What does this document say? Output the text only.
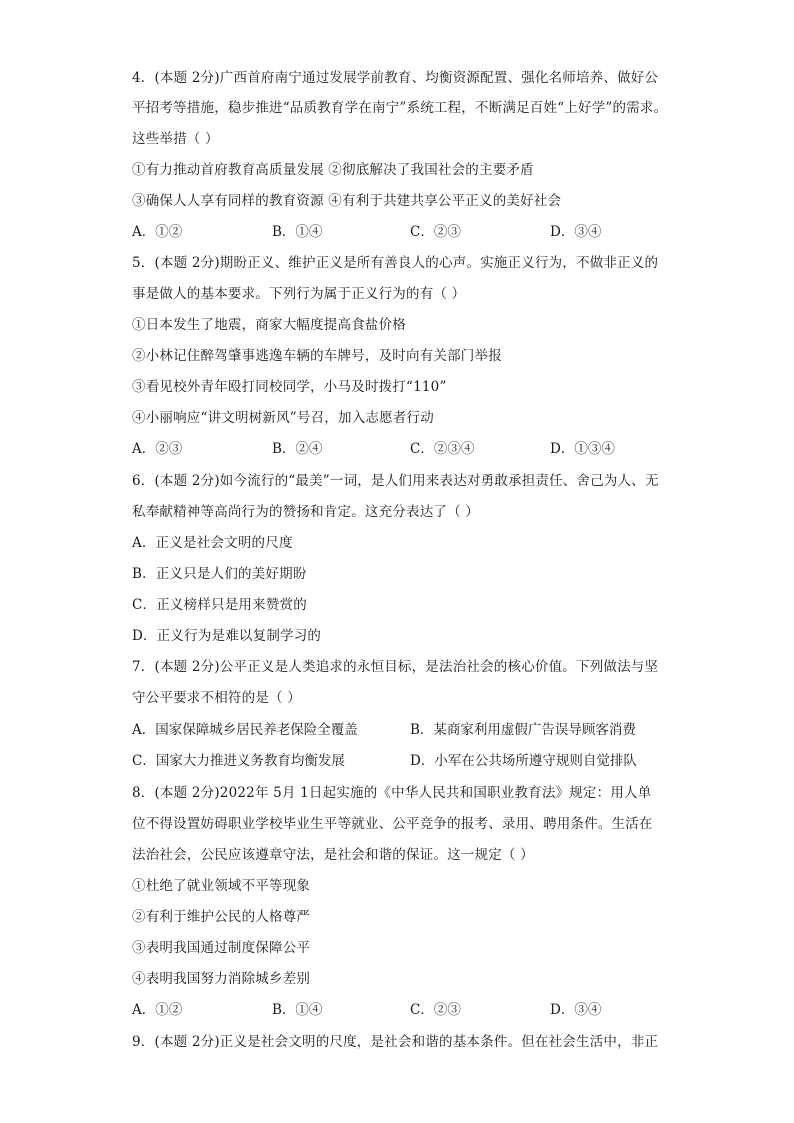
4．(本题 2分)广西首府南宁通过发展学前教育、均衡资源配置、强化名师培养、做好公
平招考等措施，稳步推进“品质教育学在南宁”系统工程，不断满足百姓“上好学”的需求。
这些举措（ ）
①有力推动首府教育高质量发展 ②彻底解决了我国社会的主要矛盾
③确保人人享有同样的教育资源 ④有利于共建共享公平正义的美好社会
A．①②	B．①④	C．②③	D．③④
5．(本题 2分)期盼正义、维护正义是所有善良人的心声。实施正义行为，不做非正义的
事是做人的基本要求。下列行为属于正义行为的有（ ）
①日本发生了地震，商家大幅度提高食盐价格
②小林记住醉驾肇事逃逸车辆的车牌号，及时向有关部门举报
③看见校外青年殴打同校同学，小马及时拨打“110”
④小丽响应“讲文明树新风”号召，加入志愿者行动
A．②③	B．②④	C．②③④	D．①③④
6．(本题 2分)如今流行的“最美”一词，是人们用来表达对勇敢承担责任、舍己为人、无
私奉献精神等高尚行为的赞扬和肯定。这充分表达了（ ）
A．正义是社会文明的尺度
B．正义只是人们的美好期盼
C．正义榜样只是用来赞赏的
D．正义行为是难以复制学习的
7．(本题 2分)公平正义是人类追求的永恒目标，是法治社会的核心价值。下列做法与坚
守公平要求不相符的是（ ）
A．国家保障城乡居民养老保险全覆盖	B．某商家利用虚假广告误导顾客消费
C．国家大力推进义务教育均衡发展	D．小军在公共场所遵守规则自觉排队
8．(本题 2分)2022年 5月 1日起实施的《中华人民共和国职业教育法》规定：用人单
位不得设置妨碍职业学校毕业生平等就业、公平竞争的报考、录用、聘用条件。生活在
法治社会，公民应该遵章守法，是社会和谐的保证。这一规定（ ）
①杜绝了就业领域不平等现象
②有利于维护公民的人格尊严
③表明我国通过制度保障公平
④表明我国努力消除城乡差别
A．①②	B．①④	C．②③	D．③④
9．(本题 2分)正义是社会文明的尺度，是社会和谐的基本条件。但在社会生活中，非正
